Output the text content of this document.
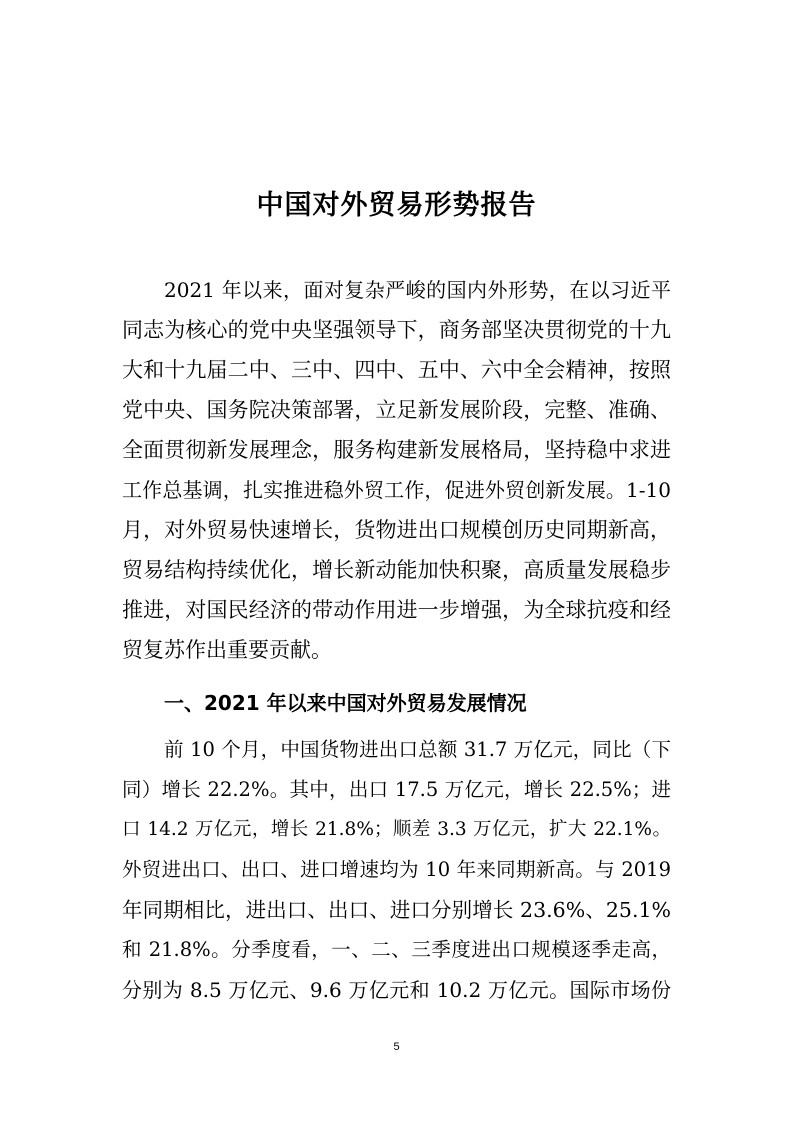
中国对外贸易形势报告

2021 年以来，面对复杂严峻的国内外形势，在以习近平

同志为核心的党中央坚强领导下，商务部坚决贯彻党的十九

大和十九届二中、三中、四中、五中、六中全会精神，按照

党中央、国务院决策部署，立足新发展阶段，完整、准确、

全面贯彻新发展理念，服务构建新发展格局，坚持稳中求进

工作总基调，扎实推进稳外贸工作，促进外贸创新发展。1-10

月，对外贸易快速增长，货物进出口规模创历史同期新高，

贸易结构持续优化，增长新动能加快积聚，高质量发展稳步

推进，对国民经济的带动作用进一步增强，为全球抗疫和经

贸复苏作出重要贡献。

一、2021 年以来中国对外贸易发展情况

前 10 个月，中国货物进出口总额 31.7 万亿元，同比（下

同）增长 22.2%。其中，出口 17.5 万亿元，增长 22.5%；进

口 14.2 万亿元，增长 21.8%；顺差 3.3 万亿元，扩大 22.1%。

外贸进出口、出口、进口增速均为 10 年来同期新高。与 2019

年同期相比，进出口、出口、进口分别增长 23.6%、25.1%

和 21.8%。分季度看，一、二、三季度进出口规模逐季走高，

分别为 8.5 万亿元、9.6 万亿元和 10.2 万亿元。国际市场份

5
